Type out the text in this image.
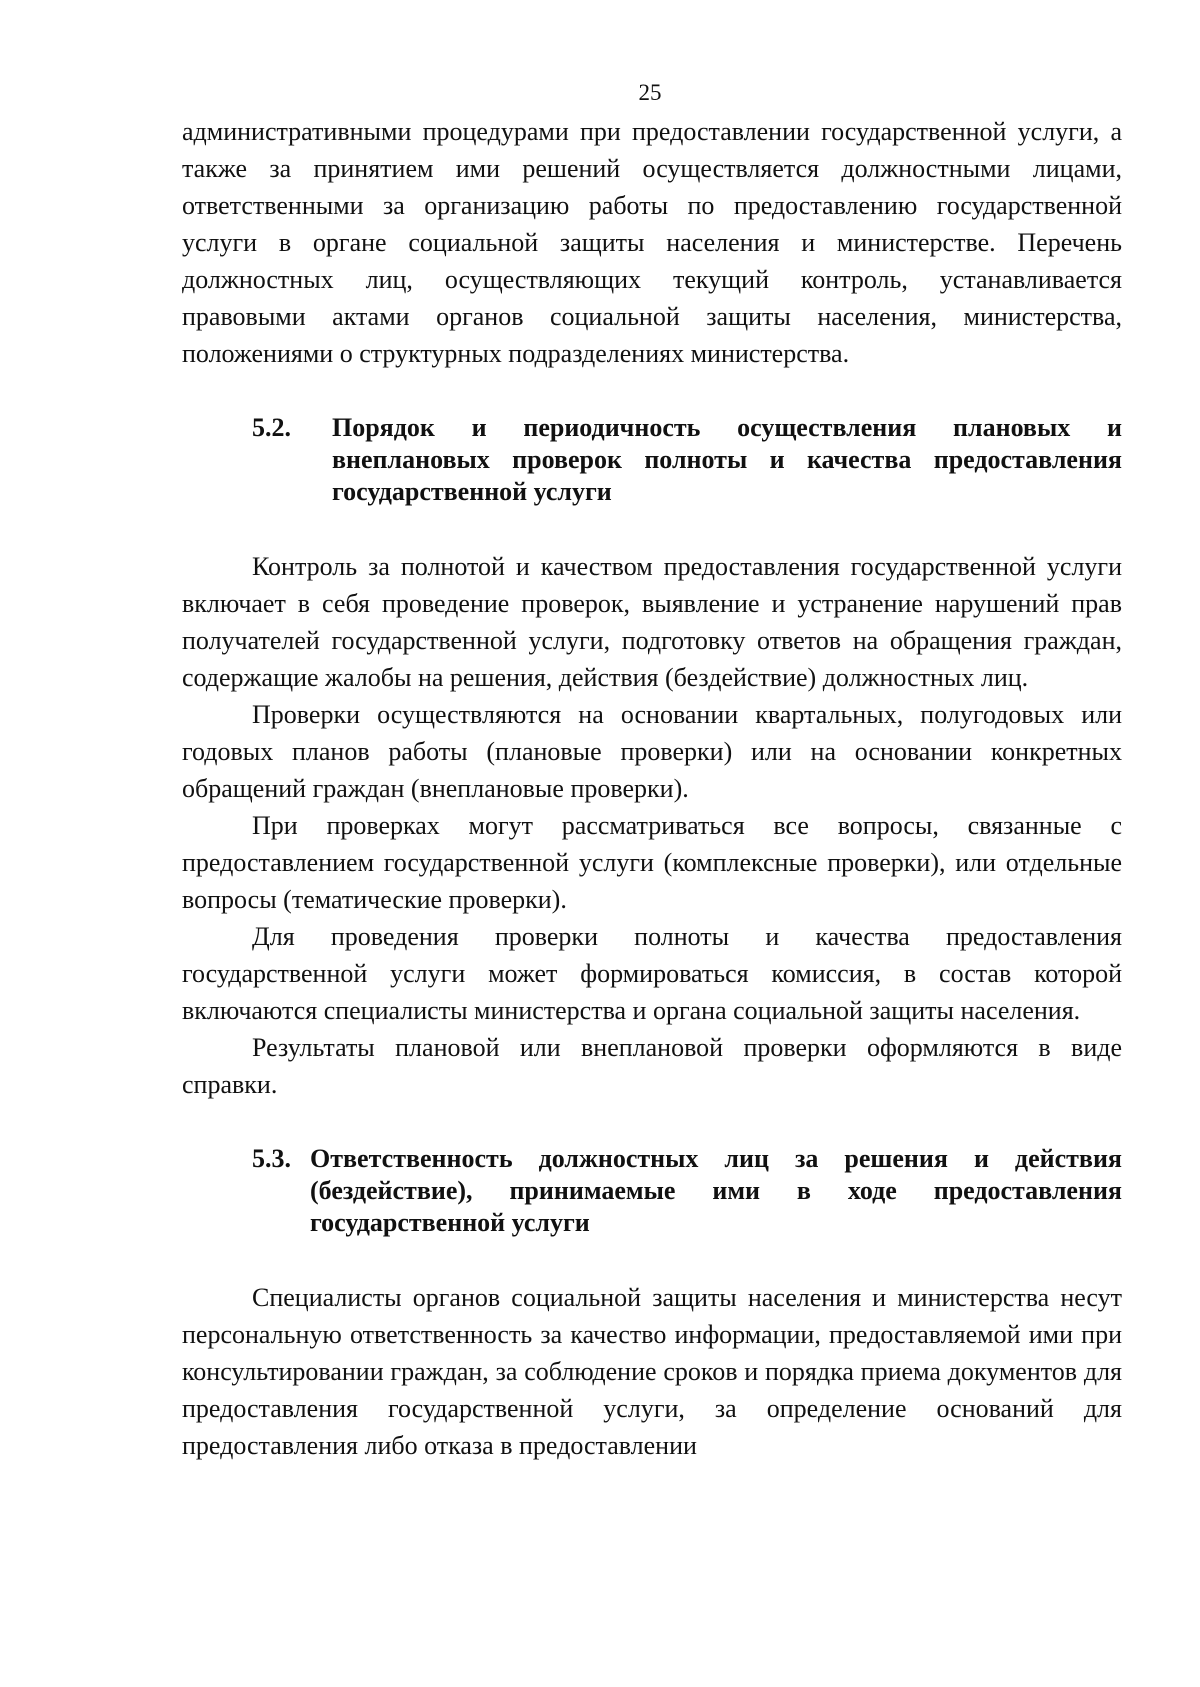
25

административными процедурами при предоставлении государственной услуги, а также за принятием ими решений осуществляется должностными лицами, ответственными за организацию работы по предоставлению государственной услуги в органе социальной защиты населения и министерстве. Перечень должностных лиц, осуществляющих текущий контроль, устанавливается правовыми актами органов социальной защиты населения, министерства, положениями о структурных подразделениях министерства.

5.2.	Порядок и периодичность осуществления плановых и внеплановых проверок полноты и качества предоставления государственной услуги

Контроль за полнотой и качеством предоставления государственной услуги включает в себя проведение проверок, выявление и устранение нарушений прав получателей государственной услуги, подготовку ответов на обращения граждан, содержащие жалобы на решения, действия (бездействие) должностных лиц.

Проверки осуществляются на основании квартальных, полугодовых или годовых планов работы (плановые проверки) или на основании конкретных обращений граждан (внеплановые проверки).

При проверках могут рассматриваться все вопросы, связанные с предоставлением государственной услуги (комплексные проверки), или отдельные вопросы (тематические проверки).

Для проведения проверки полноты и качества предоставления государственной услуги может формироваться комиссия, в состав которой включаются специалисты министерства и органа социальной защиты населения.

Результаты плановой или внеплановой проверки оформляются в виде справки.

5.3. Ответственность должностных лиц за решения и действия (бездействие), принимаемые ими в ходе предоставления государственной услуги

Специалисты органов социальной защиты населения и министерства несут персональную ответственность за качество информации, предоставляемой ими при консультировании граждан, за соблюдение сроков и порядка приема документов для предоставления государственной услуги, за определение оснований для предоставления либо отказа в предоставлении
